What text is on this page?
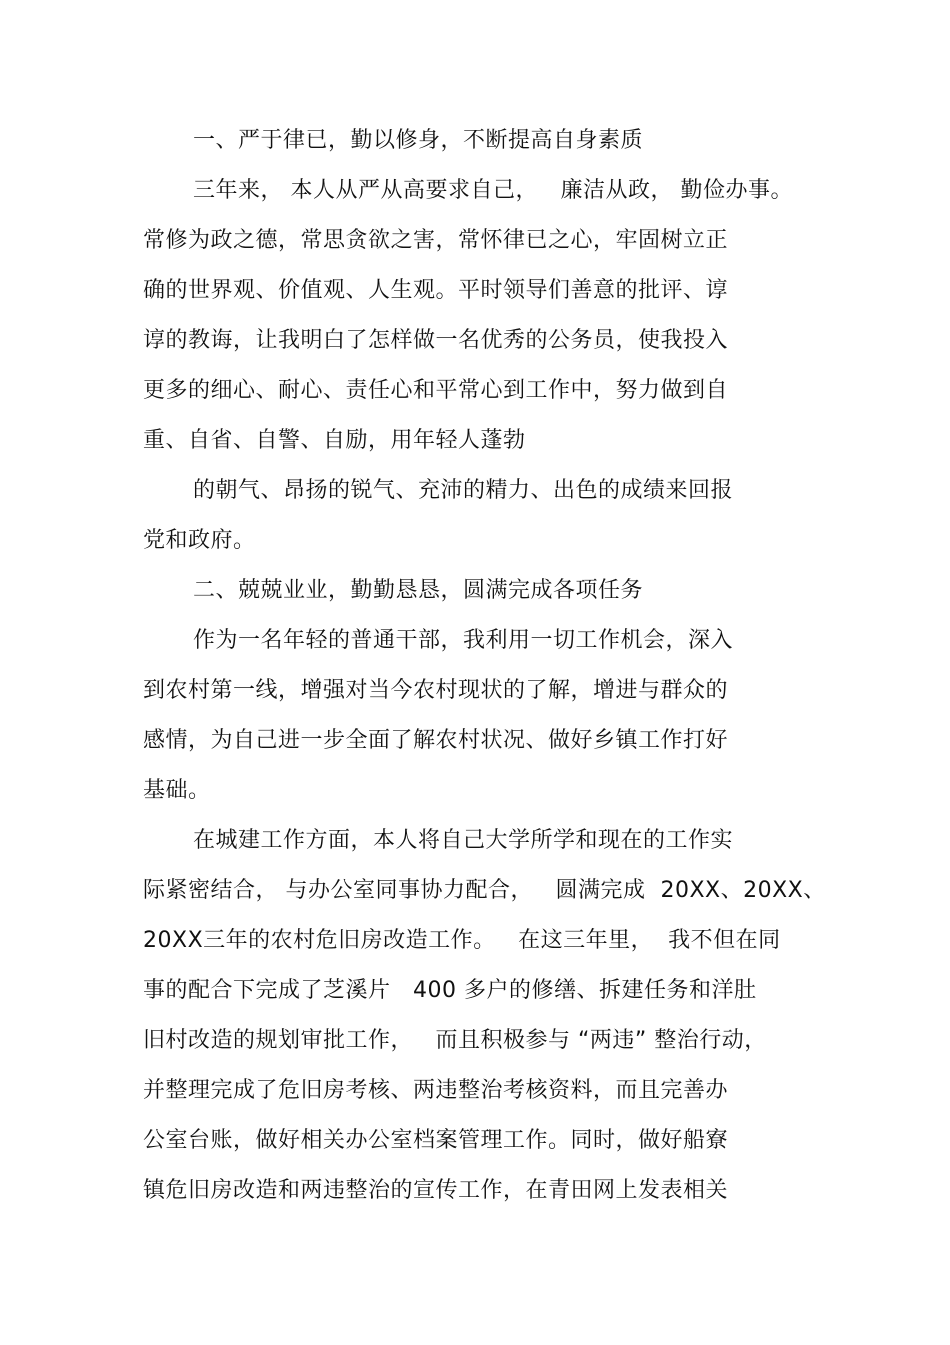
一、严于律已，勤以修身，不断提高自身素质
三年来， 本人从严从高要求自己，   廉洁从政， 勤俭办事。
常修为政之德，常思贪欲之害，常怀律已之心，牢固树立正
确的世界观、价值观、人生观。平时领导们善意的批评、谆
谆的教诲，让我明白了怎样做一名优秀的公务员，使我投入
更多的细心、耐心、责任心和平常心到工作中，努力做到自
重、自省、自警、自励，用年轻人蓬勃
的朝气、昂扬的锐气、充沛的精力、出色的成绩来回报
党和政府。
二、兢兢业业，勤勤恳恳，圆满完成各项任务
作为一名年轻的普通干部，我利用一切工作机会，深入
到农村第一线，增强对当今农村现状的了解，增进与群众的
感情，为自己进一步全面了解农村状况、做好乡镇工作打好
基础。
在城建工作方面，本人将自己大学所学和现在的工作实
际紧密结合， 与办公室同事协力配合，   圆满完成  20XX、20XX、
20XX三年的农村危旧房改造工作。   在这三年里，  我不但在同
事的配合下完成了芝溪片   400 多户的修缮、拆建任务和洋肚
旧村改造的规划审批工作，   而且积极参与 “两违” 整治行动，
并整理完成了危旧房考核、两违整治考核资料，而且完善办
公室台账，做好相关办公室档案管理工作。同时，做好船寮
镇危旧房改造和两违整治的宣传工作，在青田网上发表相关
